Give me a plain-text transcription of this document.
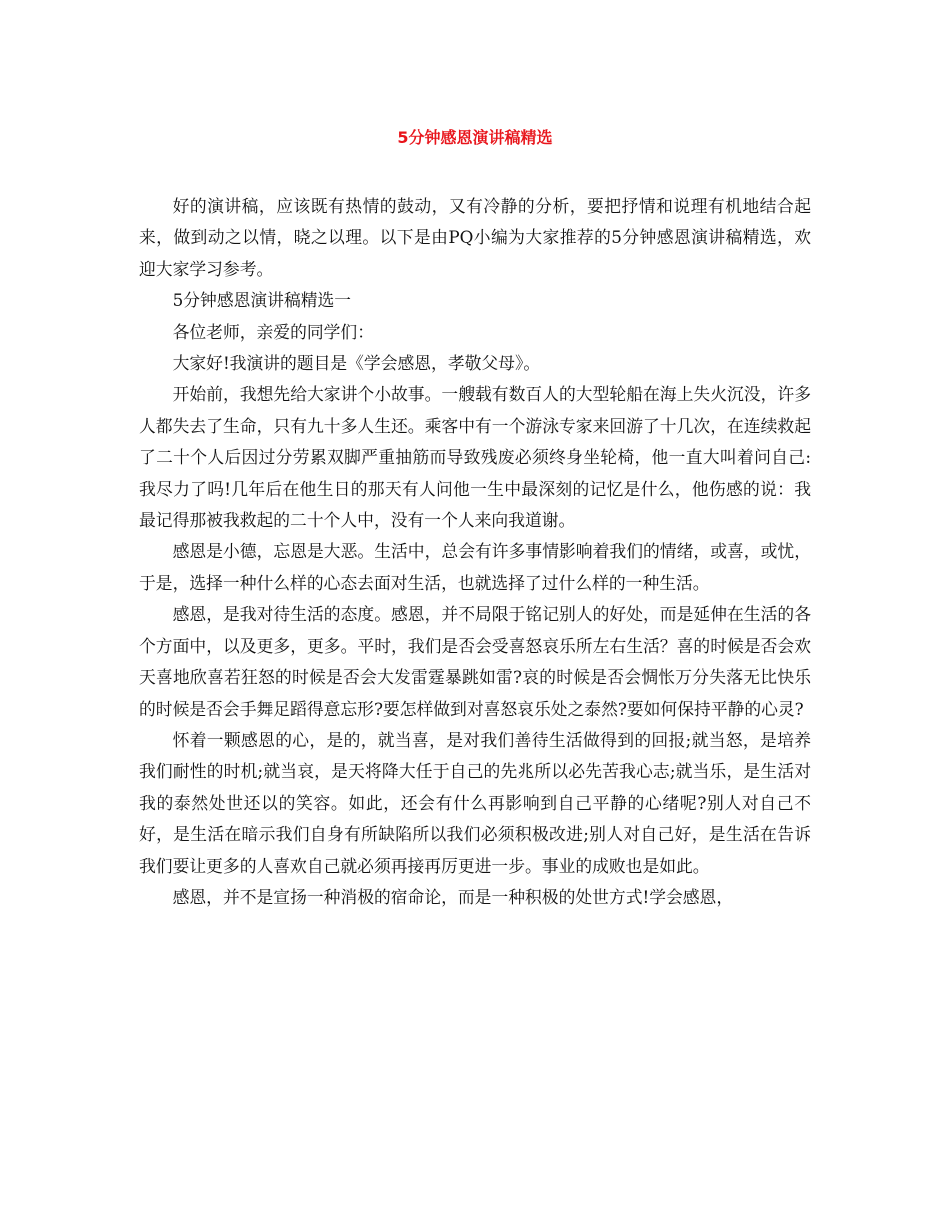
5分钟感恩演讲稿精选

好的演讲稿，应该既有热情的鼓动，又有冷静的分析，要把抒情和说理有机地结合起来，做到动之以情，晓之以理。以下是由PQ小编为大家推荐的5分钟感恩演讲稿精选，欢迎大家学习参考。

5分钟感恩演讲稿精选一

各位老师，亲爱的同学们：

大家好!我演讲的题目是《学会感恩，孝敬父母》。

开始前，我想先给大家讲个小故事。一艘载有数百人的大型轮船在海上失火沉没，许多人都失去了生命，只有九十多人生还。乘客中有一个游泳专家来回游了十几次，在连续救起了二十个人后因过分劳累双脚严重抽筋而导致残废必须终身坐轮椅，他一直大叫着问自己:我尽力了吗!几年后在他生日的那天有人问他一生中最深刻的记忆是什么，他伤感的说：我最记得那被我救起的二十个人中，没有一个人来向我道谢。

感恩是小德，忘恩是大恶。生活中，总会有许多事情影响着我们的情绪，或喜，或忧，于是，选择一种什么样的心态去面对生活，也就选择了过什么样的一种生活。

感恩，是我对待生活的态度。感恩，并不局限于铭记别人的好处，而是延伸在生活的各个方面中，以及更多，更多。平时，我们是否会受喜怒哀乐所左右生活？喜的时候是否会欢天喜地欣喜若狂怒的时候是否会大发雷霆暴跳如雷?哀的时候是否会惆怅万分失落无比快乐的时候是否会手舞足蹈得意忘形?要怎样做到对喜怒哀乐处之泰然?要如何保持平静的心灵?

怀着一颗感恩的心，是的，就当喜，是对我们善待生活做得到的回报;就当怒，是培养我们耐性的时机;就当哀，是天将降大任于自己的先兆所以必先苦我心志;就当乐，是生活对我的泰然处世还以的笑容。如此，还会有什么再影响到自己平静的心绪呢?别人对自己不好，是生活在暗示我们自身有所缺陷所以我们必须积极改进;别人对自己好，是生活在告诉我们要让更多的人喜欢自己就必须再接再厉更进一步。事业的成败也是如此。

感恩，并不是宣扬一种消极的宿命论，而是一种积极的处世方式!学会感恩，
